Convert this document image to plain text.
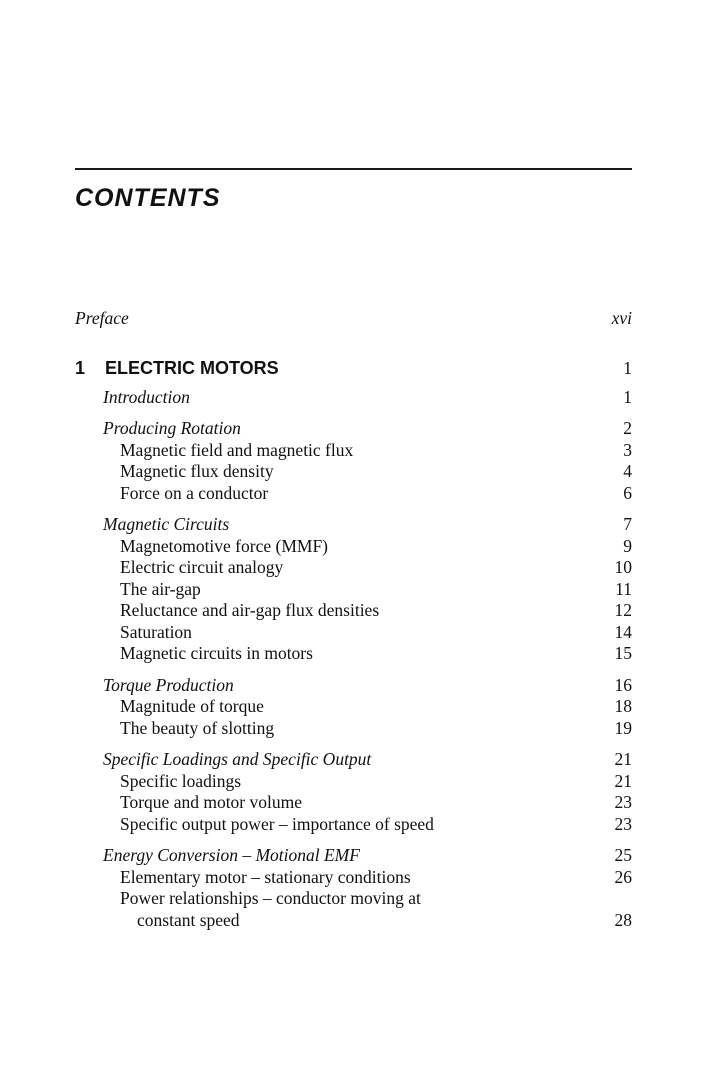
CONTENTS
Preface	xvi
1 ELECTRIC MOTORS	1
Introduction	1
Producing Rotation	2
Magnetic field and magnetic flux	3
Magnetic flux density	4
Force on a conductor	6
Magnetic Circuits	7
Magnetomotive force (MMF)	9
Electric circuit analogy	10
The air-gap	11
Reluctance and air-gap flux densities	12
Saturation	14
Magnetic circuits in motors	15
Torque Production	16
Magnitude of torque	18
The beauty of slotting	19
Specific Loadings and Specific Output	21
Specific loadings	21
Torque and motor volume	23
Specific output power – importance of speed	23
Energy Conversion – Motional EMF	25
Elementary motor – stationary conditions	26
Power relationships – conductor moving at
constant speed	28
